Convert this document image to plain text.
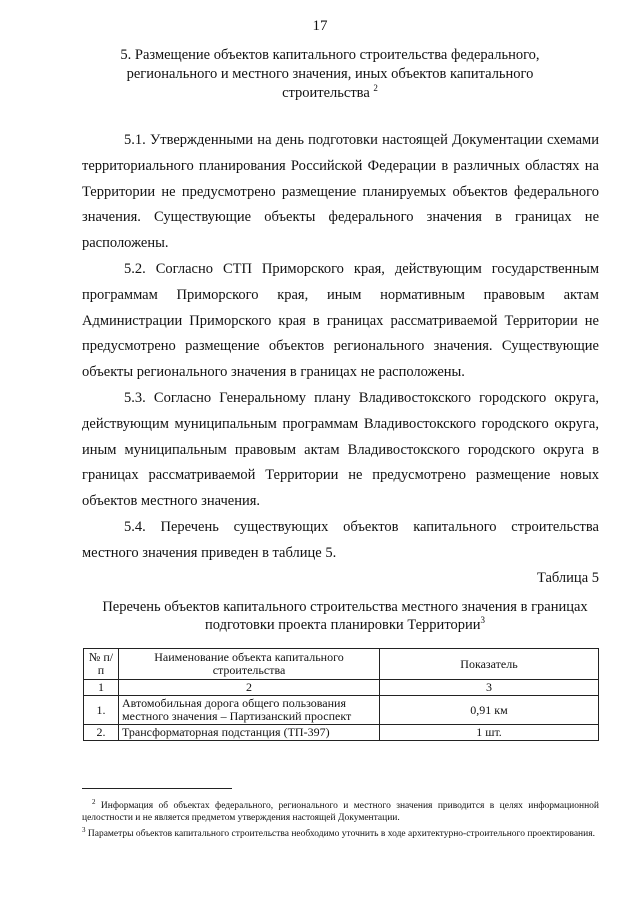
17
5. Размещение объектов капитального строительства федерального, регионального и местного значения, иных объектов капитального строительства $^2$

5.1. Утвержденными на день подготовки настоящей Документации схемами территориального планирования Российской Федерации в различных областях на Территории не предусмотрено размещение планируемых объектов федерального значения. Существующие объекты федерального значения в границах не расположены.

5.2. Согласно СТП Приморского края, действующим государственным программам Приморского края, иным нормативным правовым актам Администрации Приморского края в границах рассматриваемой Территории не предусмотрено размещение объектов регионального значения. Существующие объекты регионального значения в границах не расположены.

5.3. Согласно Генеральному плану Владивостокского городского округа, действующим муниципальным программам Владивостокского городского округа, иным муниципальным правовым актам Владивостокского городского округа в границах рассматриваемой Территории не предусмотрено размещение новых объектов местного значения.

5.4. Перечень существующих объектов капитального строительства местного значения приведен в таблице 5.

Таблица 5
Перечень объектов капитального строительства местного значения в границах подготовки проекта планировки Территории$^3$
№ п/п	Наименование объекта капитального строительства	Показатель
1	2	3
1.	Автомобильная дорога общего пользования местного значения – Партизанский проспект	0,91 км
2.	Трансформаторная подстанция (ТП-397)	1 шт.

$^2$ Информация об объектах федерального, регионального и местного значения приводится в целях информационной целостности и не является предметом утверждения настоящей Документации.

$^3$ Параметры объектов капитального строительства необходимо уточнить в ходе архитектурно-строительного проектирования.
